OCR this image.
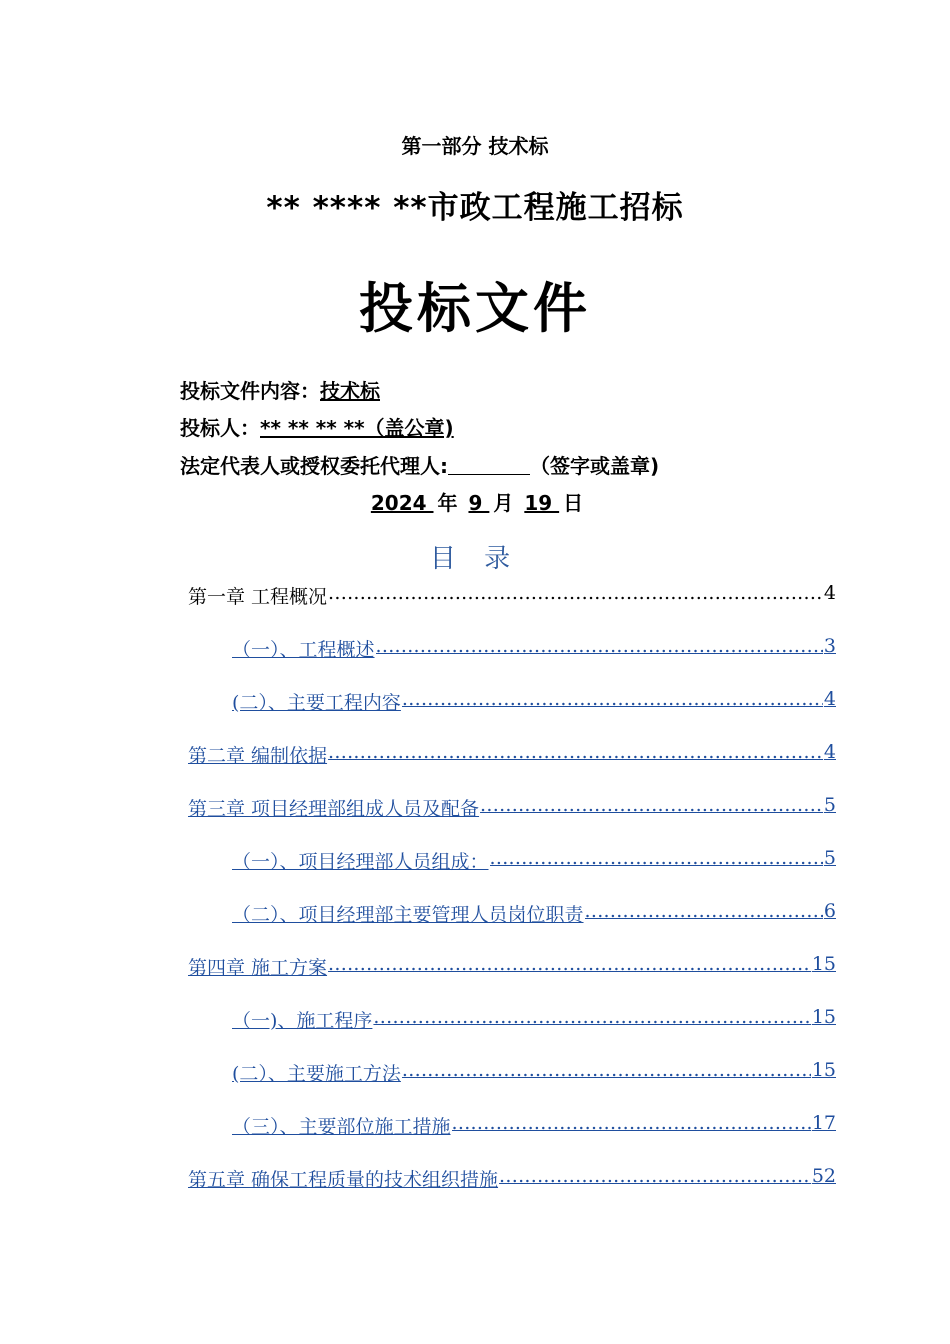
第一部分 技术标
** **** **市政工程施工招标
投标文件
投标文件内容：技术标
投标人：** ** ** **（盖公章)
法定代表人或授权委托代理人:	（签字或盖章)
2024 年 9 月 19 日
目 录
第一章 工程概况 .....	4
（一）、工程概述 .....	3
(二）、主要工程内容 .....	4
第二章 编制依据 .....	4
第三章 项目经理部组成人员及配备 .....	5
（一）、项目经理部人员组成： .....	5
（二）、项目经理部主要管理人员岗位职责 .....	6
第四章 施工方案 .....	15
（一)、施工程序 .....	15
(二）、主要施工方法 .....	15
（三）、主要部位施工措施 .....	17
第五章 确保工程质量的技术组织措施 .....	52
